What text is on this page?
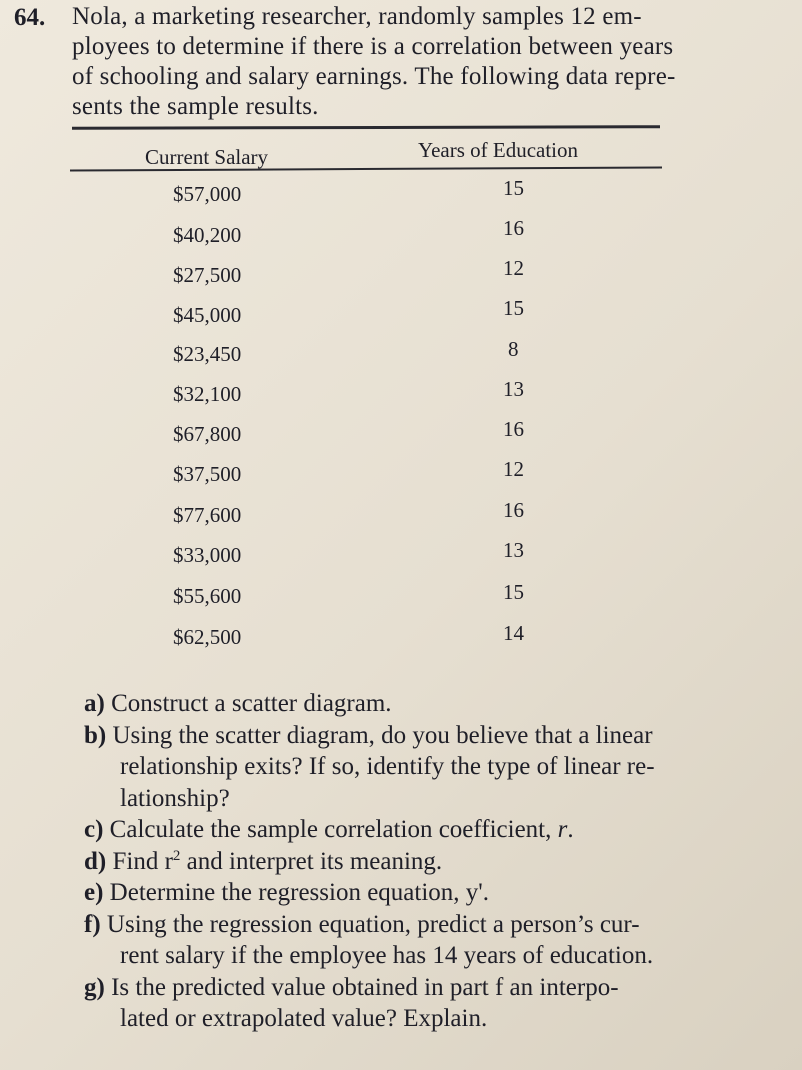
64. Nola, a marketing researcher, randomly samples 12 em-
ployees to determine if there is a correlation between years
of schooling and salary earnings. The following data repre-
sents the sample results.
Current Salary	Years of Education
$57,000	15
$40,200	16
$27,500	12
$45,000	15
$23,450	8
$32,100	13
$67,800	16
$37,500	12
$77,600	16
$33,000	13
$55,600	15
$62,500	14
a) Construct a scatter diagram.
b) Using the scatter diagram, do you believe that a linear
relationship exits? If so, identify the type of linear re-
lationship?
c) Calculate the sample correlation coefficient, r.
d) Find $r^2$ and interpret its meaning.
e) Determine the regression equation, y'.
f) Using the regression equation, predict a person’s cur-
rent salary if the employee has 14 years of education.
g) Is the predicted value obtained in part f an interpo-
lated or extrapolated value? Explain.
